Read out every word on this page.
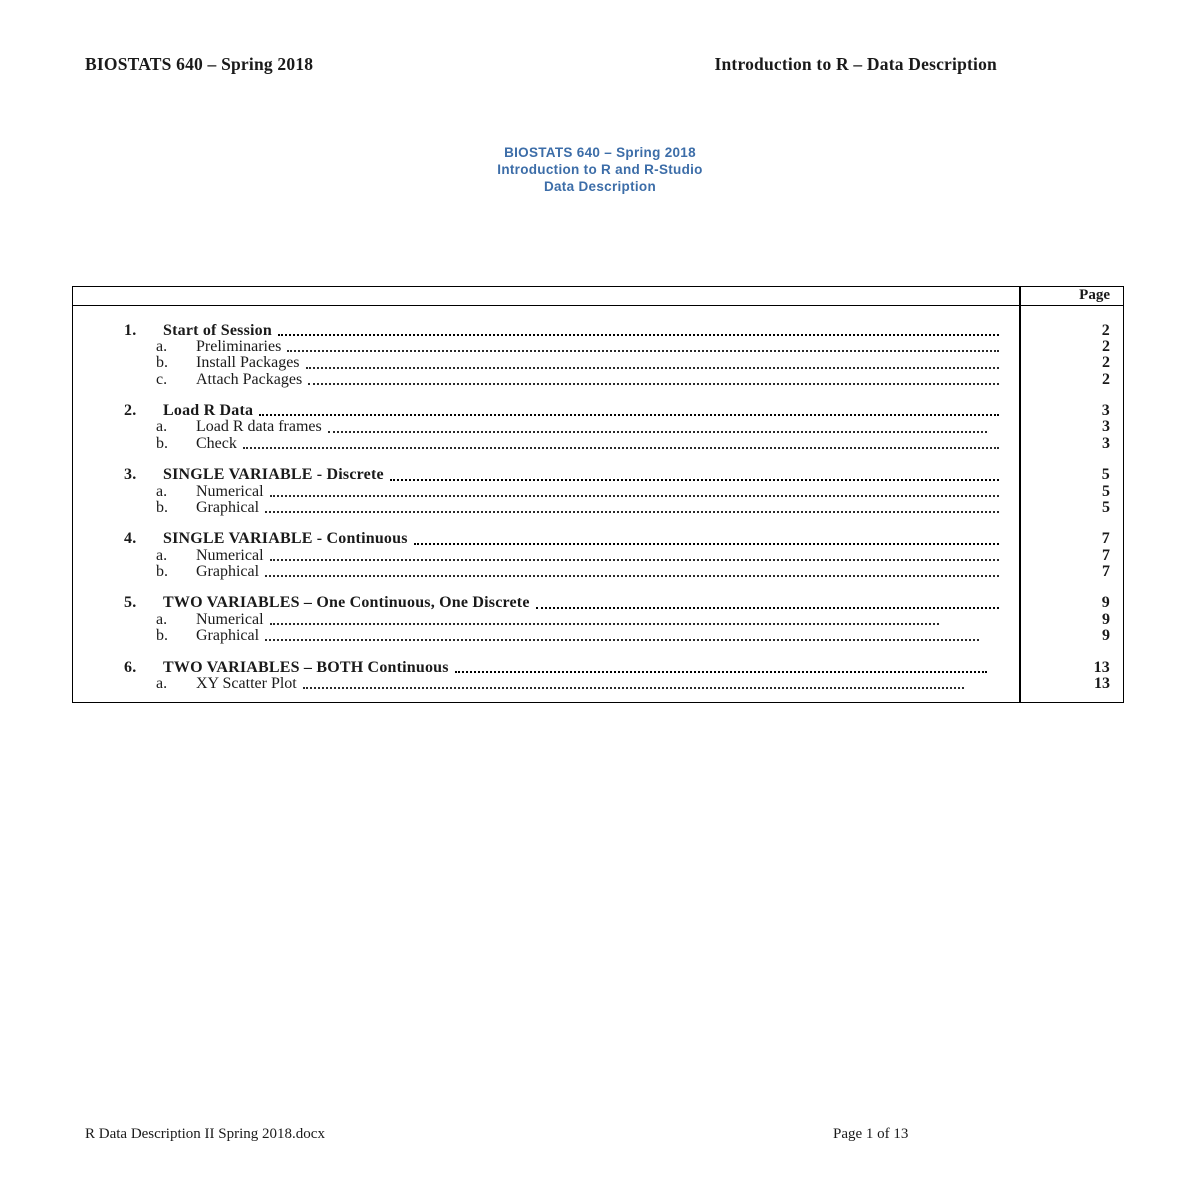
BIOSTATS 640 – Spring 2018	Introduction to R – Data Description
BIOSTATS 640 – Spring 2018
Introduction to R and R-Studio
Data Description
Page
1.	Start of Session	2
a.	Preliminaries	2
b.	Install Packages	2
c.	Attach Packages	2
2.	Load R Data	3
a.	Load R data frames	3
b.	Check	3
3.	SINGLE VARIABLE - Discrete	5
a.	Numerical	5
b.	Graphical	5
4.	SINGLE VARIABLE - Continuous	7
a.	Numerical	7
b.	Graphical	7
5.	TWO VARIABLES – One Continuous, One Discrete	9
a.	Numerical	9
b.	Graphical	9
6.	TWO VARIABLES – BOTH Continuous	13
a.	XY Scatter Plot	13
R Data Description II Spring 2018.docx	Page 1 of 13
